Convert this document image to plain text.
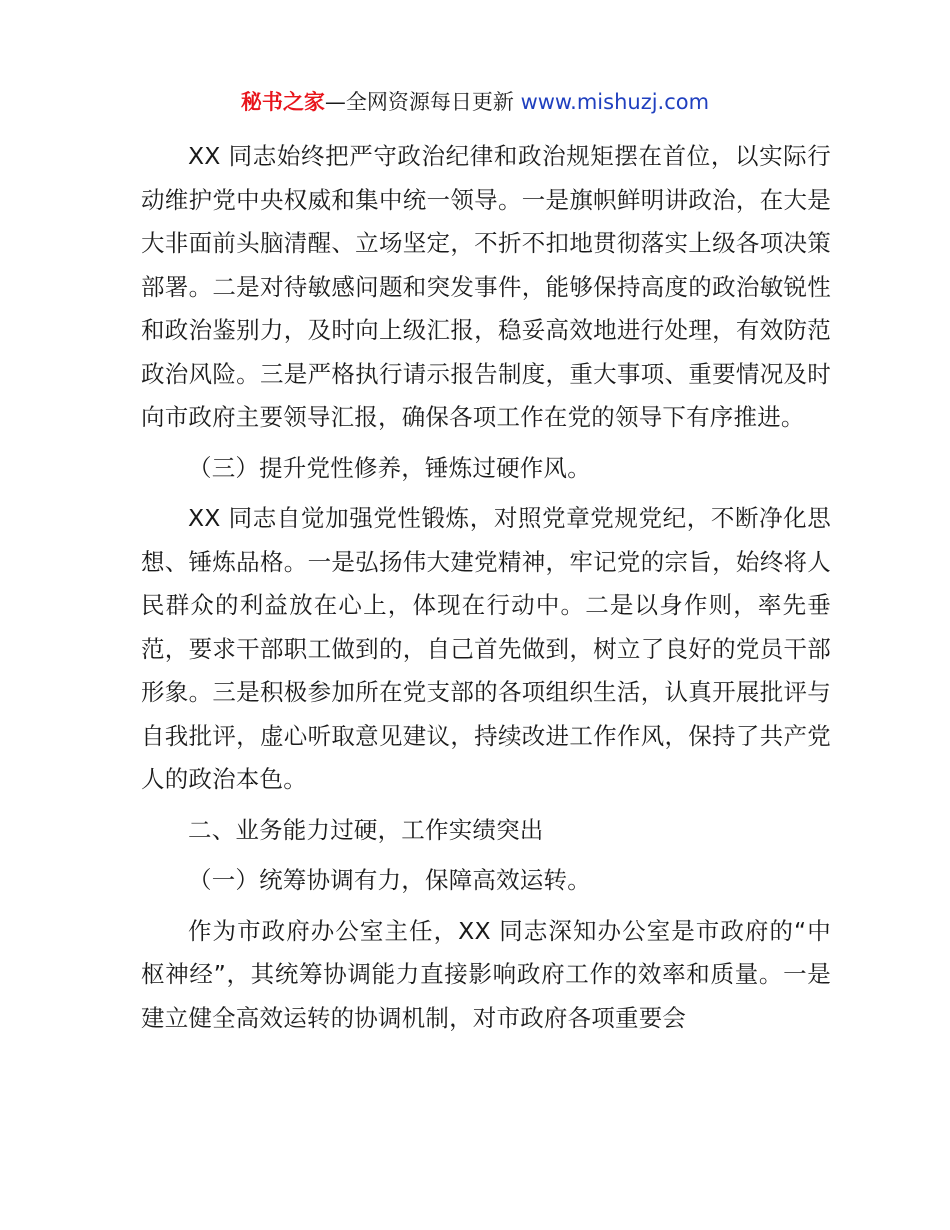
秘书之家—全网资源每日更新 www.mishuzj.com

XX 同志始终把严守政治纪律和政治规矩摆在首位，以实际行动维护党中央权威和集中统一领导。一是旗帜鲜明讲政治，在大是大非面前头脑清醒、立场坚定，不折不扣地贯彻落实上级各项决策部署。二是对待敏感问题和突发事件，能够保持高度的政治敏锐性和政治鉴别力，及时向上级汇报，稳妥高效地进行处理，有效防范政治风险。三是严格执行请示报告制度，重大事项、重要情况及时向市政府主要领导汇报，确保各项工作在党的领导下有序推进。

（三）提升党性修养，锤炼过硬作风。

XX 同志自觉加强党性锻炼，对照党章党规党纪，不断净化思想、锤炼品格。一是弘扬伟大建党精神，牢记党的宗旨，始终将人民群众的利益放在心上，体现在行动中。二是以身作则，率先垂范，要求干部职工做到的，自己首先做到，树立了良好的党员干部形象。三是积极参加所在党支部的各项组织生活，认真开展批评与自我批评，虚心听取意见建议，持续改进工作作风，保持了共产党人的政治本色。

二、业务能力过硬，工作实绩突出

（一）统筹协调有力，保障高效运转。

作为市政府办公室主任，XX 同志深知办公室是市政府的“中枢神经”，其统筹协调能力直接影响政府工作的效率和质量。一是建立健全高效运转的协调机制，对市政府各项重要会
